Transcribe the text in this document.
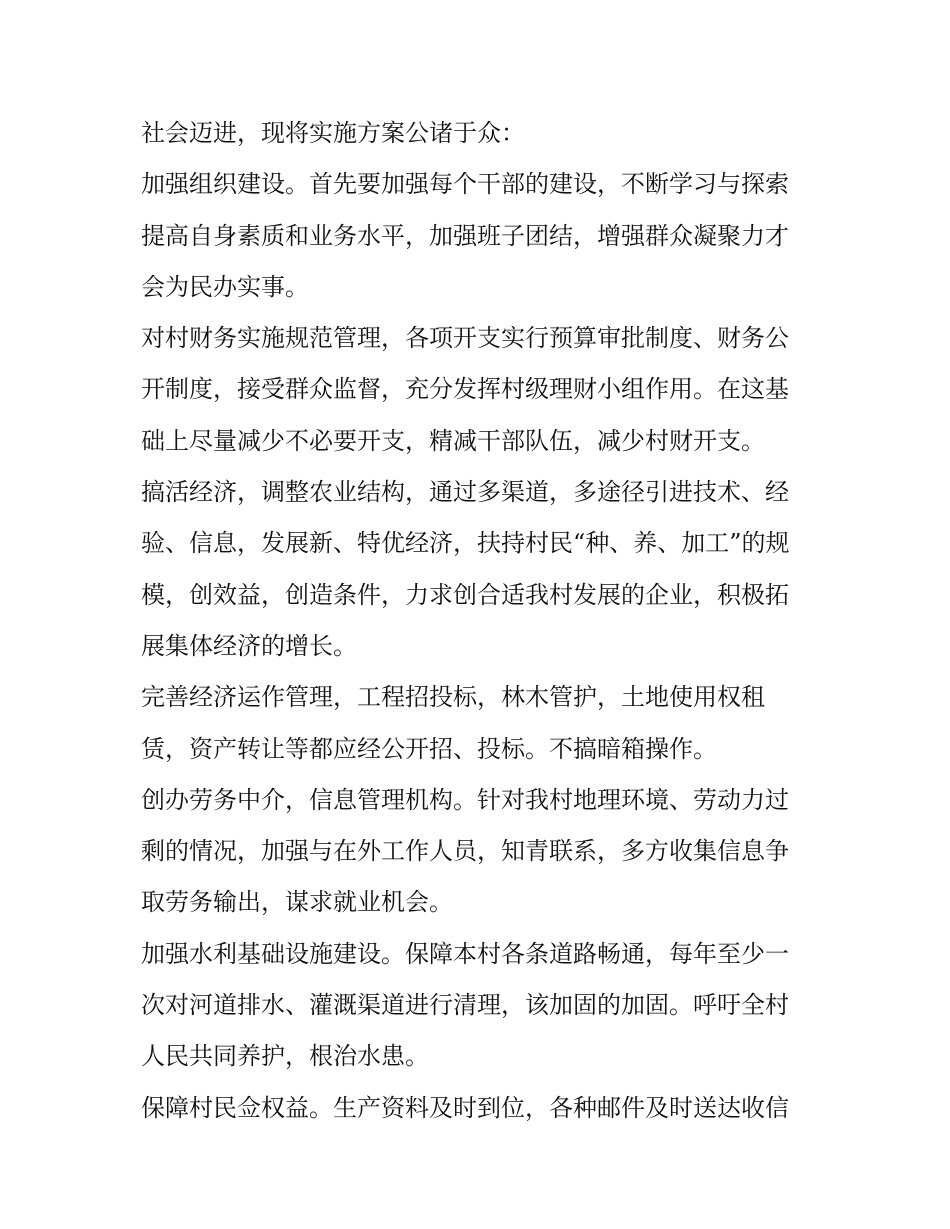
社会迈进，现将实施方案公诸于众：
加强组织建设。首先要加强每个干部的建设，不断学习与探索
提高自身素质和业务水平，加强班子团结，增强群众凝聚力才
会为民办实事。
对村财务实施规范管理，各项开支实行预算审批制度、财务公
开制度，接受群众监督，充分发挥村级理财小组作用。在这基
础上尽量减少不必要开支，精减干部队伍，减少村财开支。
搞活经济，调整农业结构，通过多渠道，多途径引进技术、经
验、信息，发展新、特优经济，扶持村民“种、养、加工”的规
模，创效益，创造条件，力求创合适我村发展的企业，积极拓
展集体经济的增长。
完善经济运作管理，工程招投标，林木管护，土地使用权租
赁，资产转让等都应经公开招、投标。不搞暗箱操作。
创办劳务中介，信息管理机构。针对我村地理环境、劳动力过
剩的情况，加强与在外工作人员，知青联系，多方收集信息争
取劳务输出，谋求就业机会。
加强水利基础设施建设。保障本村各条道路畅通，每年至少一
次对河道排水、灌溉渠道进行清理，该加固的加固。呼吁全村
人民共同养护，根治水患。
保障村民佥权益。生产资料及时到位，各种邮件及时送达收信
